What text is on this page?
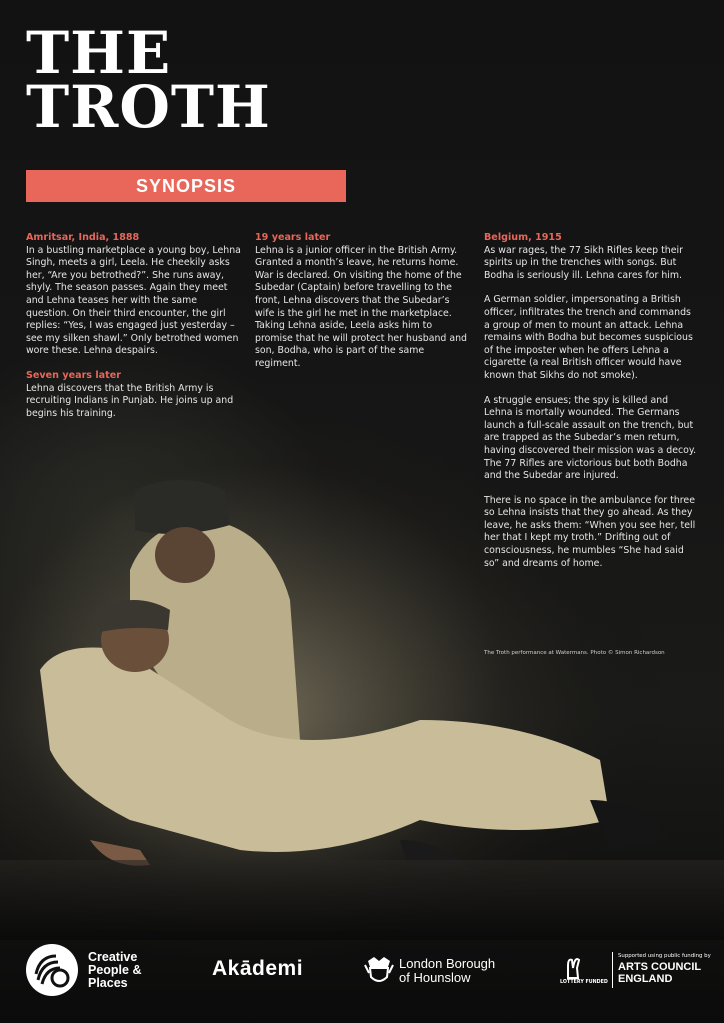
THE
TROTH
SYNOPSIS

Amritsar, India, 1888

In a bustling marketplace a young boy, Lehna Singh, meets a girl, Leela. He cheekily asks her, “Are you betrothed?”. She runs away, shyly. The season passes. Again they meet and Lehna teases her with the same question. On their third encounter, the girl replies: “Yes, I was engaged just yesterday – see my silken shawl.” Only betrothed women wore these. Lehna despairs.

Seven years later

Lehna discovers that the British Army is recruiting Indians in Punjab. He joins up and begins his training.

19 years later

Lehna is a junior officer in the British Army. Granted a month’s leave, he returns home. War is declared. On visiting the home of the Subedar (Captain) before travelling to the front, Lehna discovers that the Subedar’s wife is the girl he met in the marketplace. Taking Lehna aside, Leela asks him to promise that he will protect her husband and son, Bodha, who is part of the same regiment.

Belgium, 1915

As war rages, the 77 Sikh Rifles keep their spirits up in the trenches with songs. But Bodha is seriously ill. Lehna cares for him.

A German soldier, impersonating a British officer, infiltrates the trench and commands a group of men to mount an attack. Lehna remains with Bodha but becomes suspicious of the imposter when he offers Lehna a cigarette (a real British officer would have known that Sikhs do not smoke).

A struggle ensues; the spy is killed and Lehna is mortally wounded. The Germans launch a full-scale assault on the trench, but are trapped as the Subedar’s men return, having discovered their mission was a decoy. The 77 Rifles are victorious but both Bodha and the Subedar are injured.

There is no space in the ambulance for three so Lehna insists that they go ahead. As they leave, he asks them: “When you see her, tell her that I kept my troth.” Drifting out of consciousness, he mumbles “She had said so” and dreams of home.

The Troth performance at Watermans. Photo © Simon Richardson
Creative
People &
Places
Akādemi	London Borough
of Hounslow	LOTTERY FUNDED
Supported using public funding by
ARTS COUNCIL
ENGLAND
